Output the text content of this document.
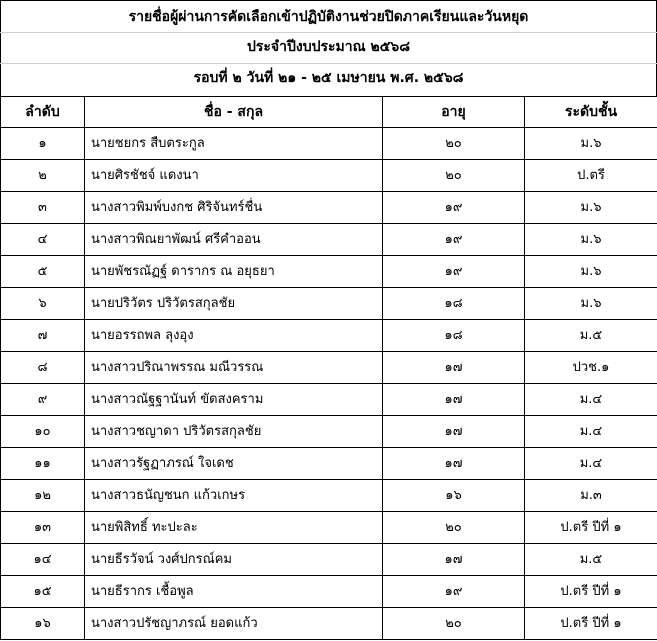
รายชื่อผู้ผ่านการคัดเลือกเข้าปฏิบัติงานช่วยปิดภาคเรียนและวันหยุด
ประจำปีงบประมาณ ๒๕๖๘
รอบที่ ๒ วันที่ ๒๑ - ๒๕ เมษายน พ.ศ. ๒๕๖๘
ลำดับ	ชื่อ - สกุล	อายุ	ระดับชั้น
๑	นายชยกร สืบตระกูล	๒๐	ม.๖
๒	นายศิรชัชจ์ แดงนา	๒๐	ป.ตรี
๓	นางสาวพิมพ์บงกช ศิริจันทร์ชื่น	๑๙	ม.๖
๔	นางสาวพิณยาพัฒน์ ศรีคำออน	๑๙	ม.๖
๕	นายพัชรณัฏฐ์ ดารากร ณ อยุธยา	๑๙	ม.๖
๖	นายปริวัตร ปริวัตรสกุลชัย	๑๘	ม.๖
๗	นายอรรถพล ลุงอุง	๑๘	ม.๕
๘	นางสาวปริณาพรรณ มณีวรรณ	๑๗	ปวช.๑
๙	นางสาวณัฐฐานันท์ ขัดสงคราม	๑๗	ม.๔
๑๐	นางสาวชญาดา ปริวัตรสกุลชัย	๑๗	ม.๔
๑๑	นางสาวรัฐฏาภรณ์ ใจเดช	๑๗	ม.๔
๑๒	นางสาวธนัญชนก แก้วเกษร	๑๖	ม.๓
๑๓	นายพิสิทธิ์ ทะปะละ	๒๐	ป.ตรี ปีที่ ๑
๑๔	นายธีรวัจน์ วงศ์ปกรณ์คม	๑๗	ม.๕
๑๕	นายธีรากร เชื้อพูล	๑๙	ป.ตรี ปีที่ ๑
๑๖	นางสาวปรัชญาภรณ์ ยอดแก้ว	๒๐	ป.ตรี ปีที่ ๑
